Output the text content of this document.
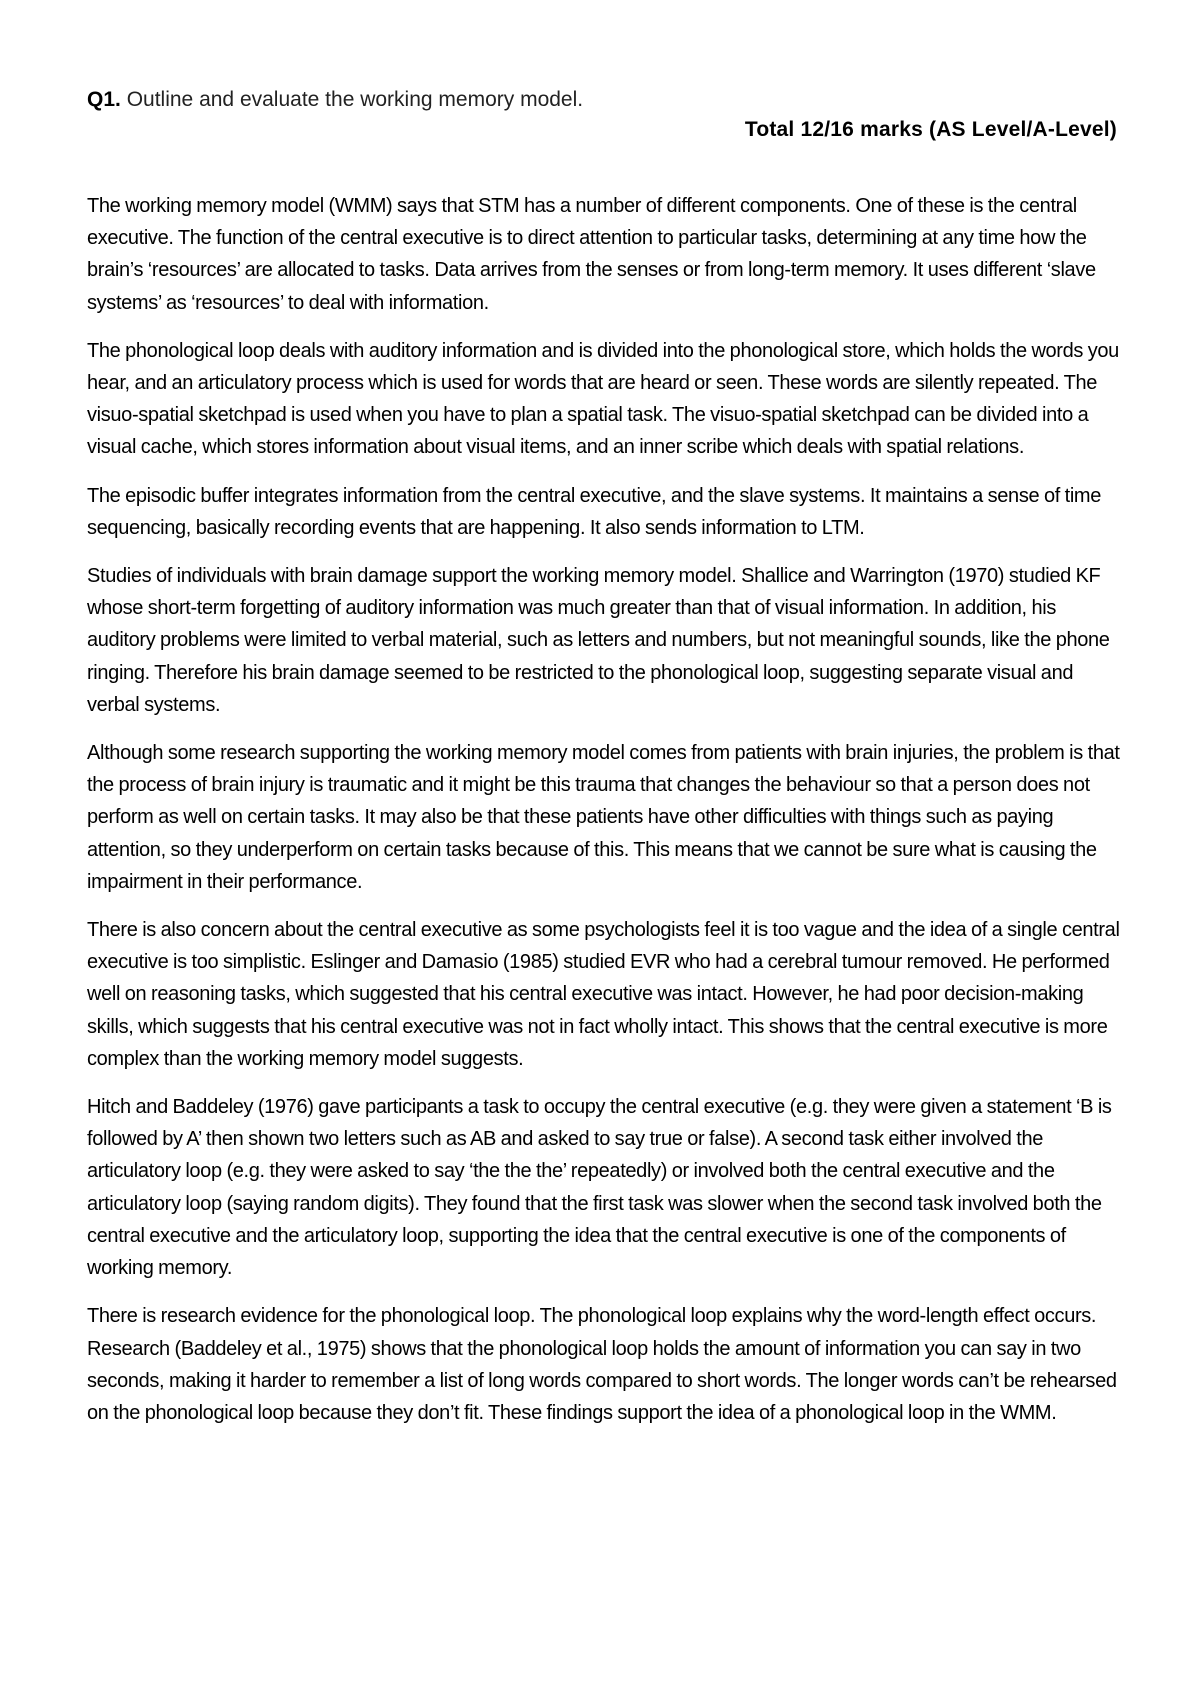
Q1. Outline and evaluate the working memory model.
Total 12/16 marks (AS Level/A-Level)

The working memory model (WMM) says that STM has a number of different components. One of these is the central executive. The function of the central executive is to direct attention to particular tasks, determining at any time how the brain’s ‘resources’ are allocated to tasks. Data arrives from the senses or from long-term memory. It uses different ‘slave systems’ as ‘resources’ to deal with information.

The phonological loop deals with auditory information and is divided into the phonological store, which holds the words you hear, and an articulatory process which is used for words that are heard or seen. These words are silently repeated. The visuo-spatial sketchpad is used when you have to plan a spatial task. The visuo-spatial sketchpad can be divided into a visual cache, which stores information about visual items, and an inner scribe which deals with spatial relations.

The episodic buffer integrates information from the central executive, and the slave systems. It maintains a sense of time sequencing, basically recording events that are happening. It also sends information to LTM.

Studies of individuals with brain damage support the working memory model. Shallice and Warrington (1970) studied KF whose short-term forgetting of auditory information was much greater than that of visual information. In addition, his auditory problems were limited to verbal material, such as letters and numbers, but not meaningful sounds, like the phone ringing. Therefore his brain damage seemed to be restricted to the phonological loop, suggesting separate visual and verbal systems.

Although some research supporting the working memory model comes from patients with brain injuries, the problem is that the process of brain injury is traumatic and it might be this trauma that changes the behaviour so that a person does not perform as well on certain tasks. It may also be that these patients have other difficulties with things such as paying attention, so they underperform on certain tasks because of this. This means that we cannot be sure what is causing the impairment in their performance.

There is also concern about the central executive as some psychologists feel it is too vague and the idea of a single central executive is too simplistic. Eslinger and Damasio (1985) studied EVR who had a cerebral tumour removed. He performed well on reasoning tasks, which suggested that his central executive was intact. However, he had poor decision-making skills, which suggests that his central executive was not in fact wholly intact. This shows that the central executive is more complex than the working memory model suggests.

Hitch and Baddeley (1976) gave participants a task to occupy the central executive (e.g. they were given a statement ‘B is followed by A’ then shown two letters such as AB and asked to say true or false). A second task either involved the articulatory loop (e.g. they were asked to say ‘the the the’ repeatedly) or involved both the central executive and the articulatory loop (saying random digits). They found that the first task was slower when the second task involved both the central executive and the articulatory loop, supporting the idea that the central executive is one of the components of working memory.

There is research evidence for the phonological loop. The phonological loop explains why the word-length effect occurs. Research (Baddeley et al., 1975) shows that the phonological loop holds the amount of information you can say in two seconds, making it harder to remember a list of long words compared to short words. The longer words can’t be rehearsed on the phonological loop because they don’t fit. These findings support the idea of a phonological loop in the WMM.
